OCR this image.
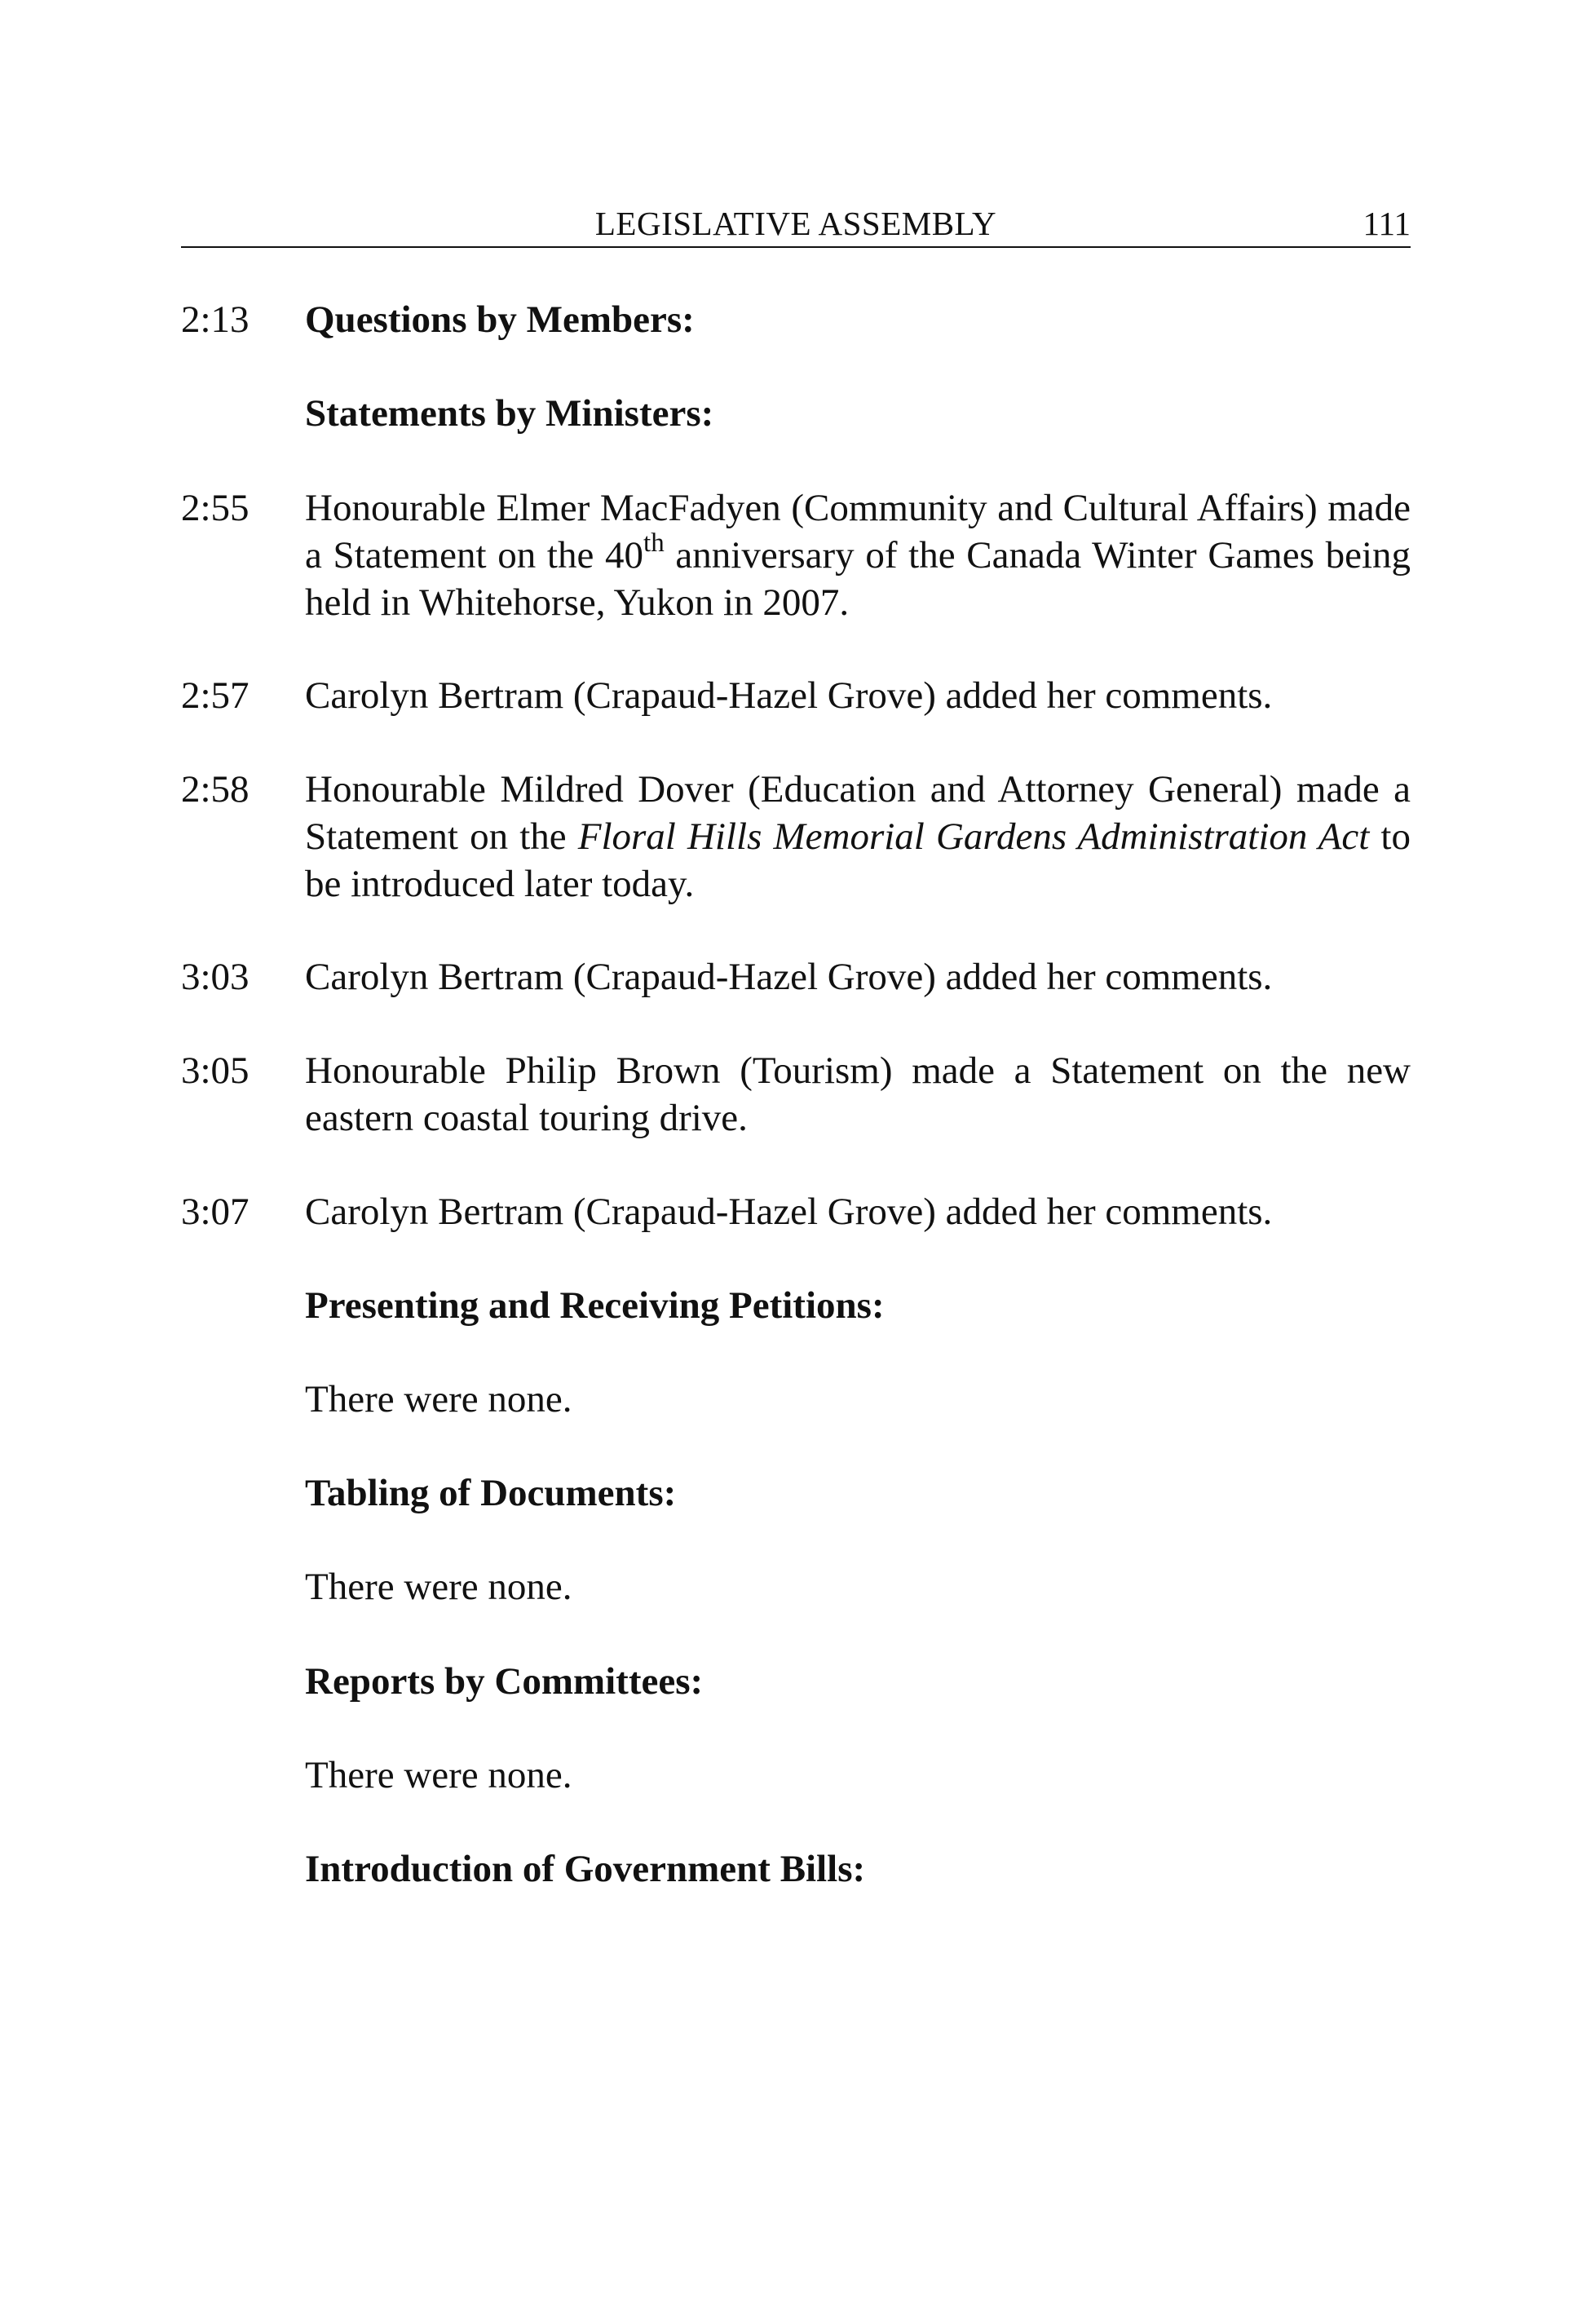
LEGISLATIVE ASSEMBLY	111
2:13	Questions by Members:
Statements by Ministers:
2:55	Honourable Elmer MacFadyen (Community and Cultural Affairs) made a Statement on the 40th anniversary of the Canada Winter Games being held in Whitehorse, Yukon in 2007.
2:57	Carolyn Bertram (Crapaud-Hazel Grove) added her comments.
2:58	Honourable Mildred Dover (Education and Attorney General) made a Statement on the Floral Hills Memorial Gardens Administration Act to be introduced later today.
3:03	Carolyn Bertram (Crapaud-Hazel Grove) added her comments.
3:05	Honourable Philip Brown (Tourism) made a Statement on the new eastern coastal touring drive.
3:07	Carolyn Bertram (Crapaud-Hazel Grove) added her comments.
Presenting and Receiving Petitions:
There were none.
Tabling of Documents:
There were none.
Reports by Committees:
There were none.
Introduction of Government Bills:
